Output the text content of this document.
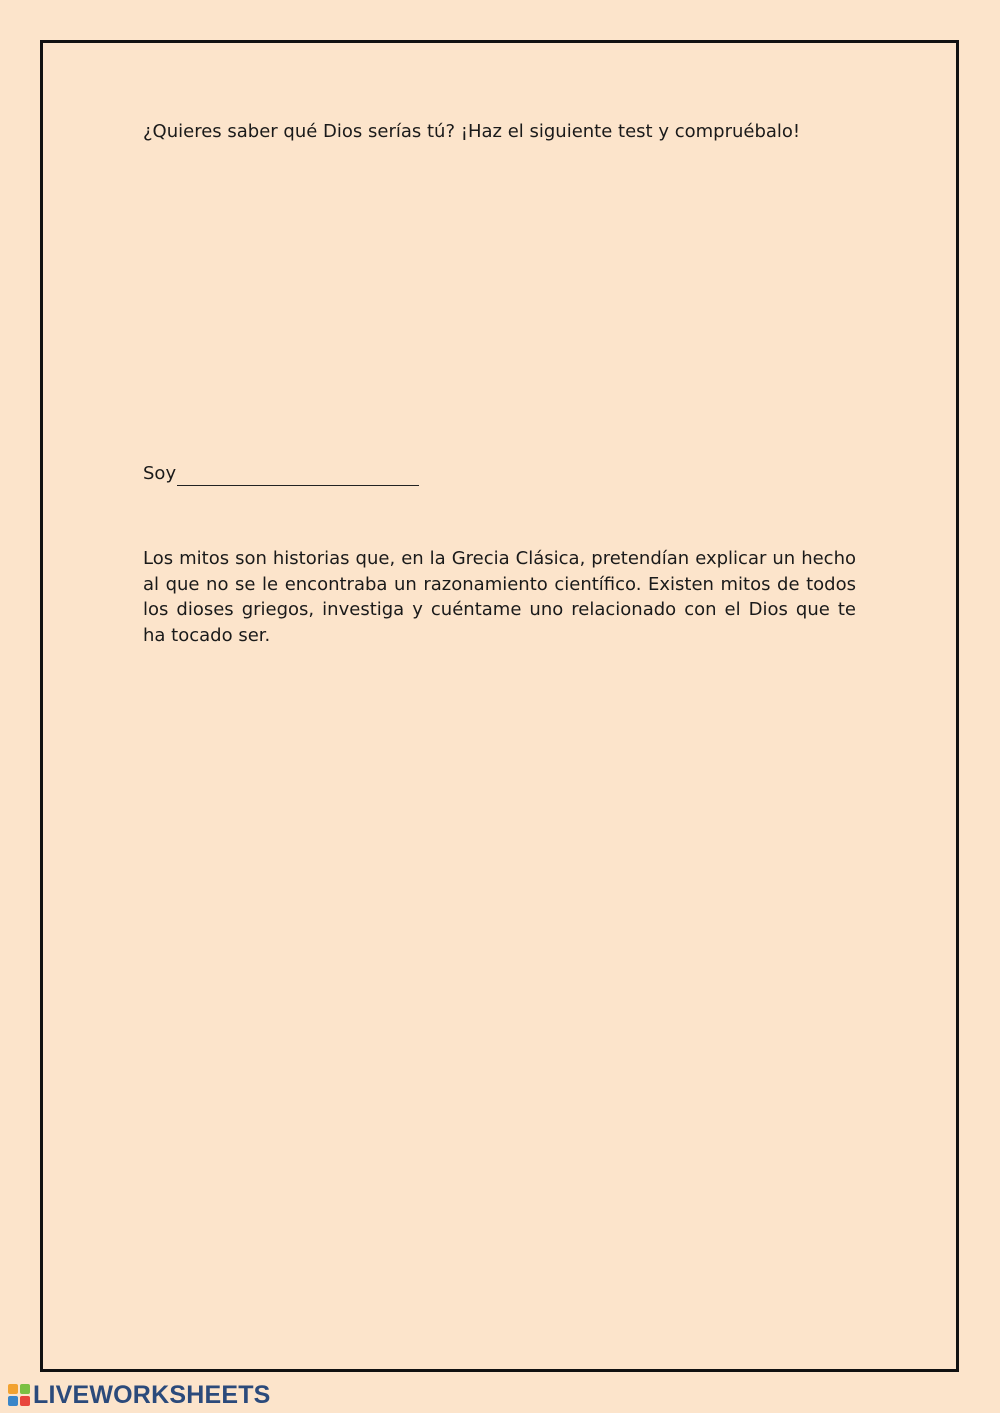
¿Quieres saber qué Dios serías tú? ¡Haz el siguiente test y compruébalo!
Soy

Los mitos son historias que, en la Grecia Clásica, pretendían explicar un hecho al que no se le encontraba un razonamiento científico. Existen mitos de todos los dioses griegos, investiga y cuéntame uno relacionado con el Dios que te ha tocado ser.

LIVEWORKSHEETS
